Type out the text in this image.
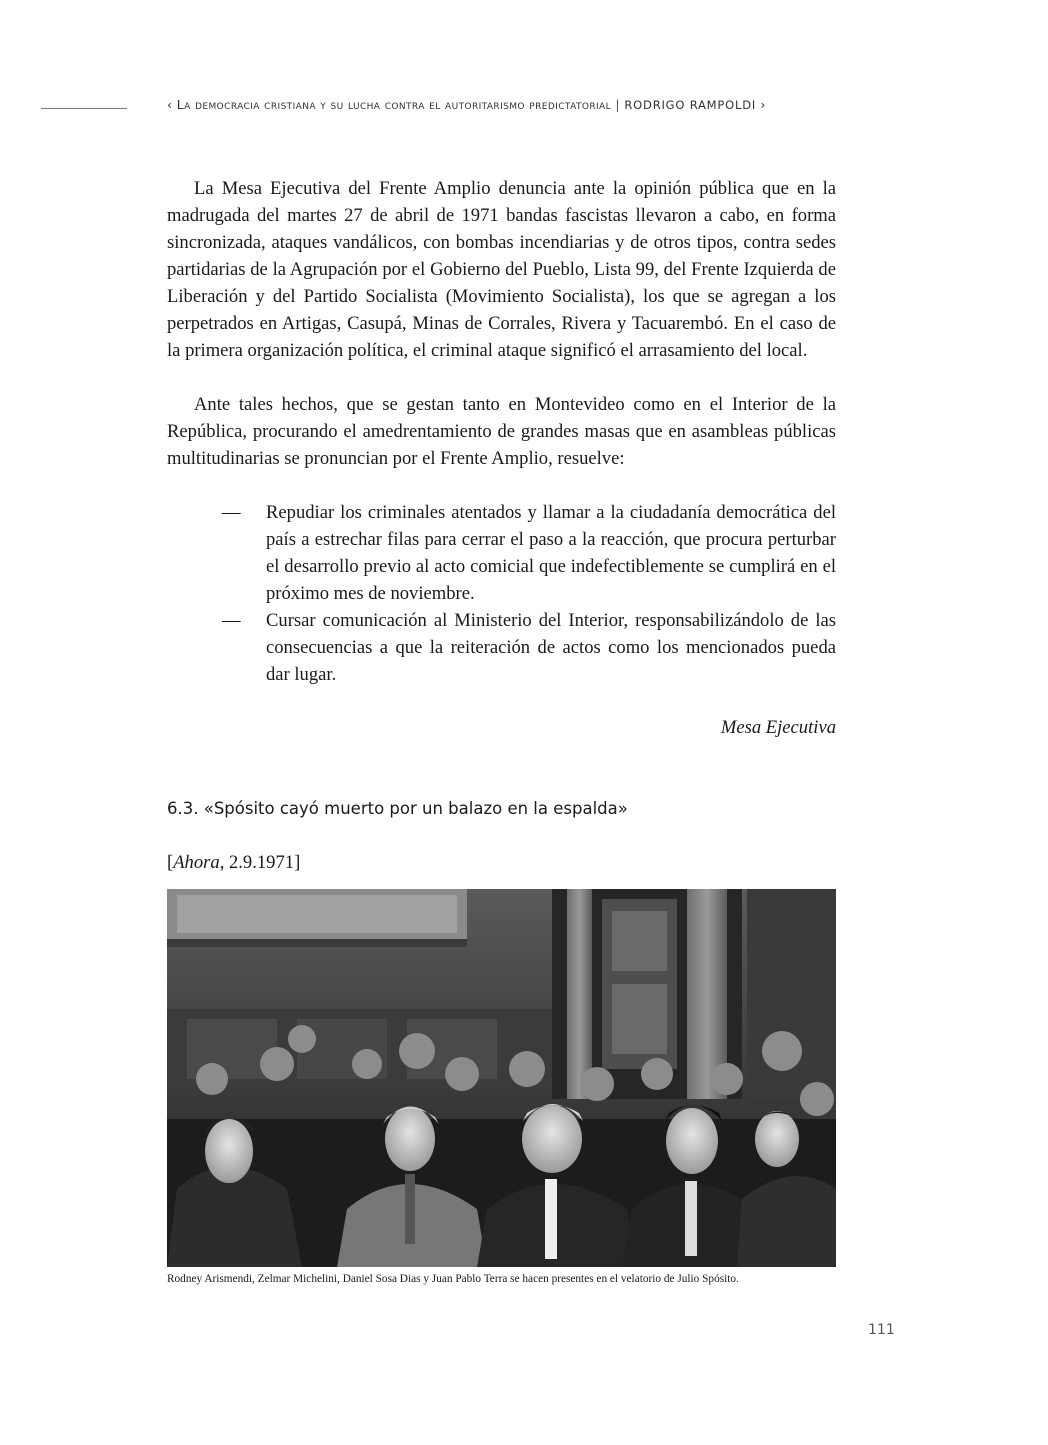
‹ La democracia cristiana y su lucha contra el autoritarismo predictatorial | RODRIGO RAMPOLDI ›

La Mesa Ejecutiva del Frente Amplio denuncia ante la opinión pública que en la madrugada del martes 27 de abril de 1971 bandas fascistas llevaron a cabo, en forma sincronizada, ataques vandálicos, con bombas incendiarias y de otros tipos, contra sedes partidarias de la Agrupación por el Gobierno del Pueblo, Lista 99, del Frente Izquierda de Liberación y del Partido Socialista (Movimiento Socialista), los que se agregan a los perpetrados en Artigas, Casupá, Minas de Corrales, Rivera y Tacuarembó. En el caso de la primera organización política, el criminal ataque significó el arrasamiento del local.

Ante tales hechos, que se gestan tanto en Montevideo como en el Interior de la República, procurando el amedrentamiento de grandes masas que en asambleas públicas multitudinarias se pronuncian por el Frente Amplio, resuelve:

— Repudiar los criminales atentados y llamar a la ciudadanía democrática del país a estrechar filas para cerrar el paso a la reacción, que procura perturbar el desarrollo previo al acto comicial que indefectiblemente se cumplirá en el próximo mes de noviembre.
— Cursar comunicación al Ministerio del Interior, responsabilizándolo de las consecuencias a que la reiteración de actos como los mencionados pueda dar lugar.
Mesa Ejecutiva
6.3. «Spósito cayó muerto por un balazo en la espalda»
[Ahora, 2.9.1971]
Rodney Arismendi, Zelmar Michelini, Daniel Sosa Dias y Juan Pablo Terra se hacen presentes en el velatorio de Julio Spósito.
111
